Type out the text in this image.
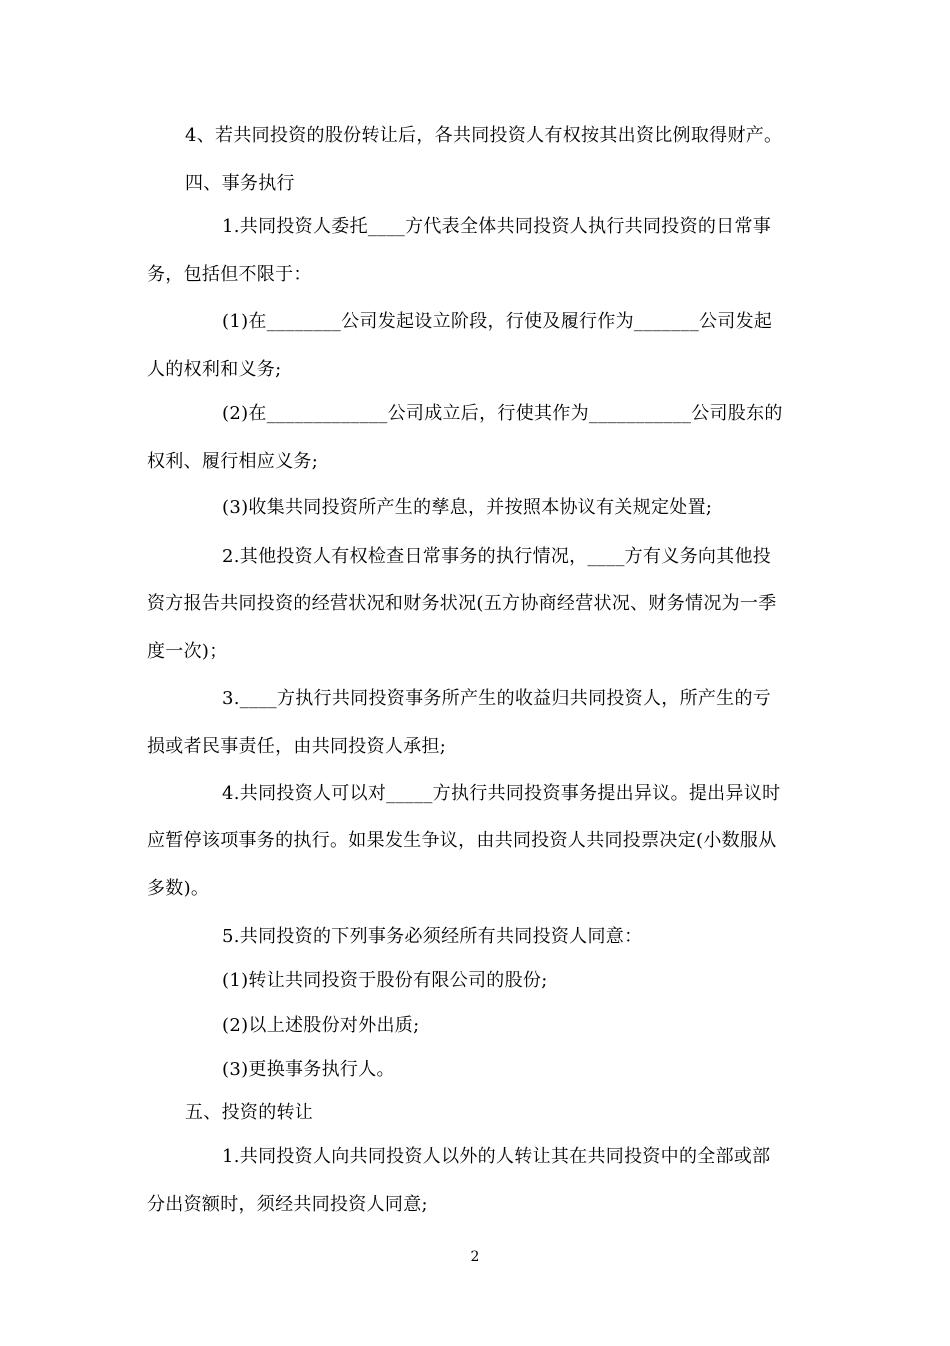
4、若共同投资的股份转让后，各共同投资人有权按其出资比例取得财产。
四、事务执行
1.共同投资人委托____方代表全体共同投资人执行共同投资的日常事
务，包括但不限于：
(1)在________公司发起设立阶段，行使及履行作为_______公司发起
人的权利和义务;
(2)在_____________公司成立后，行使其作为___________公司股东的
权利、履行相应义务;
(3)收集共同投资所产生的孳息，并按照本协议有关规定处置;
2.其他投资人有权检查日常事务的执行情况，____方有义务向其他投
资方报告共同投资的经营状况和财务状况(五方协商经营状况、财务情况为一季
度一次)；
3.____方执行共同投资事务所产生的收益归共同投资人，所产生的亏
损或者民事责任，由共同投资人承担;
4.共同投资人可以对_____方执行共同投资事务提出异议。提出异议时
应暂停该项事务的执行。如果发生争议，由共同投资人共同投票决定(小数服从
多数)。
5.共同投资的下列事务必须经所有共同投资人同意：
(1)转让共同投资于股份有限公司的股份;
(2)以上述股份对外出质;
(3)更换事务执行人。
五、投资的转让
1.共同投资人向共同投资人以外的人转让其在共同投资中的全部或部
分出资额时，须经共同投资人同意;
2
